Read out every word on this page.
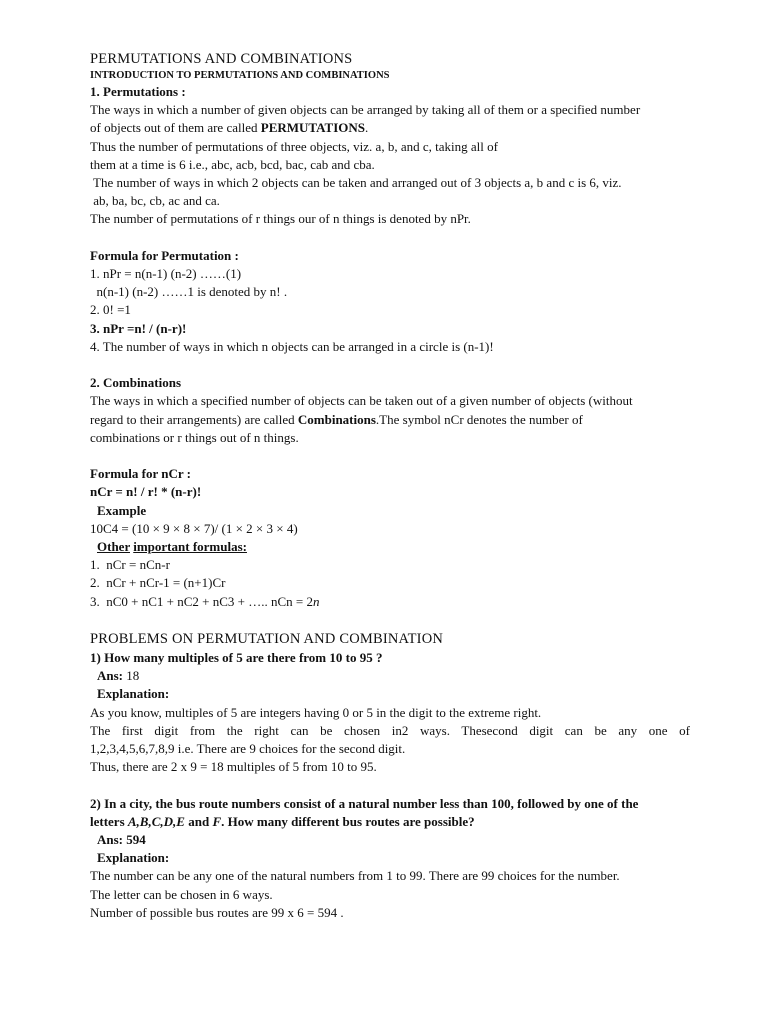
PERMUTATIONS AND COMBINATIONS

INTRODUCTION TO PERMUTATIONS AND COMBINATIONS

1. Permutations :

The ways in which a number of given objects can be arranged by taking all of them or a specified number

of objects out of them are called PERMUTATIONS.

Thus the number of permutations of three objects, viz. a, b, and c, taking all of

them at a time is 6 i.e., abc, acb, bcd, bac, cab and cba.

The number of ways in which 2 objects can be taken and arranged out of 3 objects a, b and c is 6, viz.

ab, ba, bc, cb, ac and ca.

The number of permutations of r things our of n things is denoted by nPr.

Formula for Permutation :

1. nPr = n(n-1) (n-2) ……(1)

n(n-1) (n-2) ……1 is denoted by n! .

2. 0! =1

3. nPr =n! / (n-r)!

4. The number of ways in which n objects can be arranged in a circle is (n-1)!

2. Combinations

The ways in which a specified number of objects can be taken out of a given number of objects (without

regard to their arrangements) are called Combinations.The symbol nCr denotes the number of

combinations or r things out of n things.

Formula for nCr :

nCr = n! / r! * (n-r)!

Example

10C4 = (10 × 9 × 8 × 7)/ (1 × 2 × 3 × 4)

Other important formulas:

1.  nCr = nCn-r

2.  nCr + nCr-1 = (n+1)Cr

3.  nC0 + nC1 + nC2 + nC3 + ….. nCn = 2n

PROBLEMS ON PERMUTATION AND COMBINATION

1) How many multiples of 5 are there from 10 to 95 ?

Ans: 18

Explanation:

As you know, multiples of 5 are integers having 0 or 5 in the digit to the extreme right.

The first digit from the right can be chosen in2 ways. Thesecond digit can be any one of

1,2,3,4,5,6,7,8,9 i.e. There are 9 choices for the second digit.

Thus, there are 2 x 9 = 18 multiples of 5 from 10 to 95.

2) In a city, the bus route numbers consist of a natural number less than 100, followed by one of the

letters A,B,C,D,E and F. How many different bus routes are possible?

Ans: 594

Explanation:

The number can be any one of the natural numbers from 1 to 99. There are 99 choices for the number.

The letter can be chosen in 6 ways.

Number of possible bus routes are 99 x 6 = 594 .
